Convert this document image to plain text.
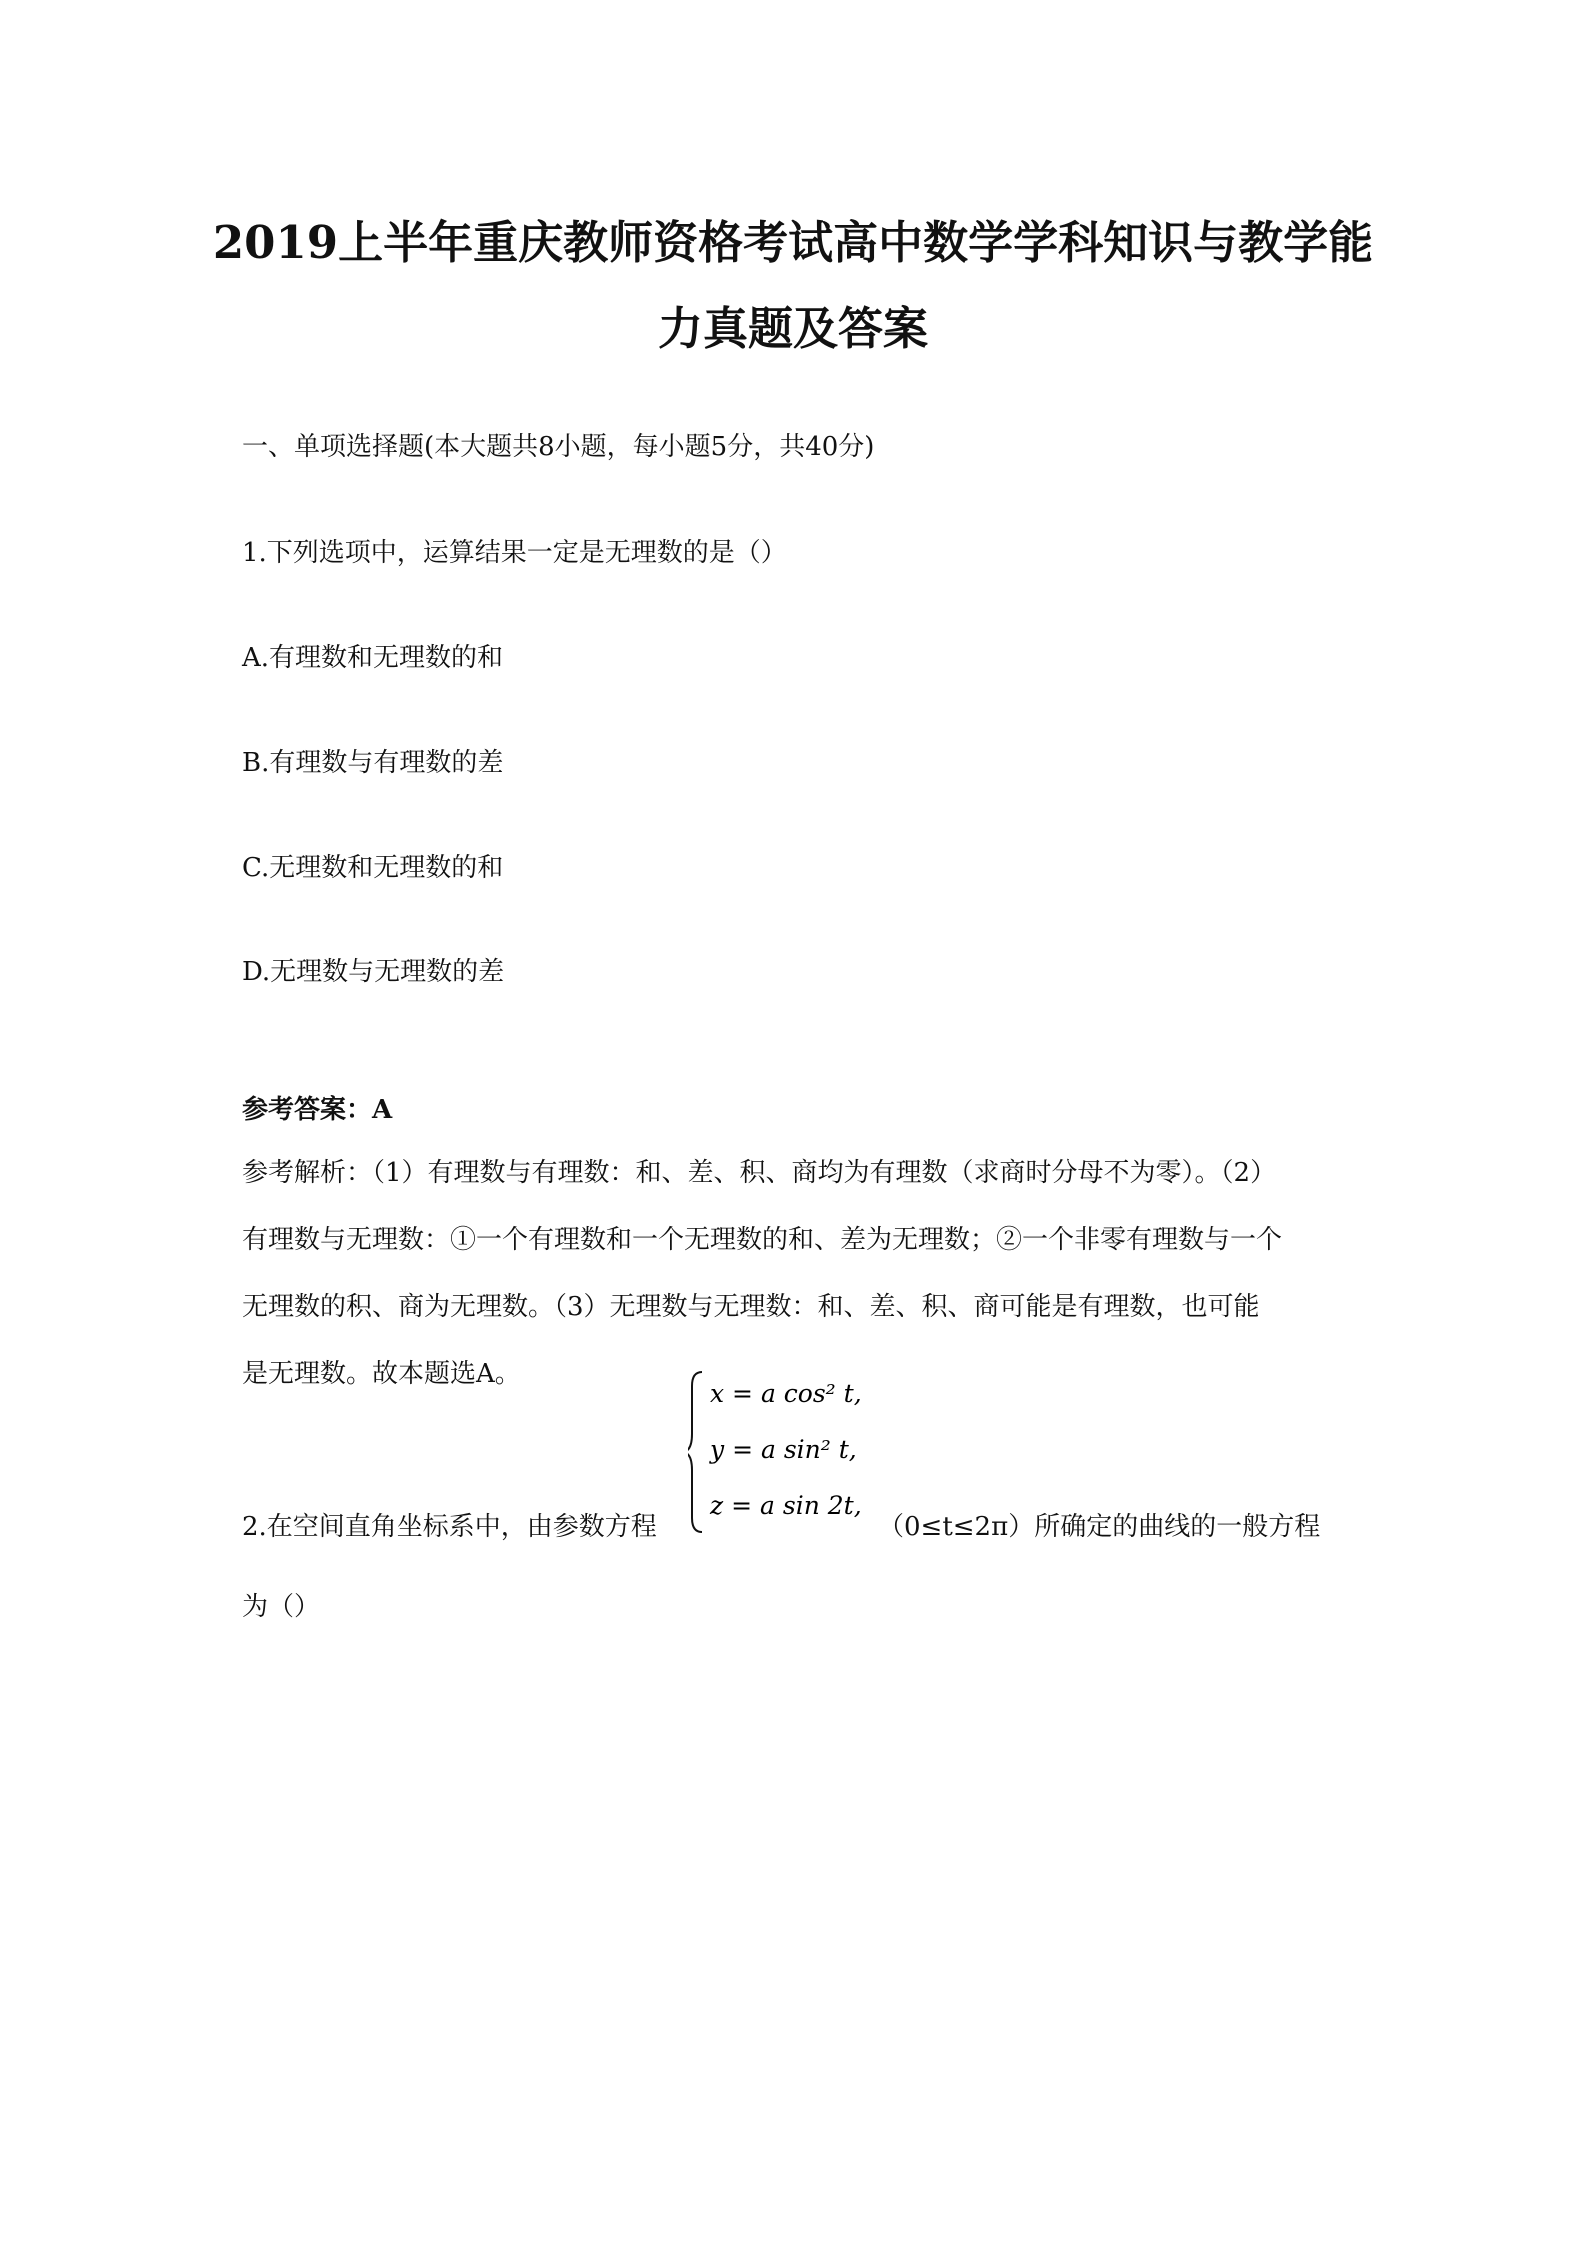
2019上半年重庆教师资格考试高中数学学科知识与教学能
力真题及答案

一、单项选择题(本大题共8小题，每小题5分，共40分)

1.下列选项中，运算结果一定是无理数的是（）

A.有理数和无理数的和

B.有理数与有理数的差

C.无理数和无理数的和

D.无理数与无理数的差

参考答案：A

参考解析：（1）有理数与有理数：和、差、积、商均为有理数（求商时分母不为零）。（2）
有理数与无理数：①一个有理数和一个无理数的和、差为无理数；②一个非零有理数与一个
无理数的积、商为无理数。（3）无理数与无理数：和、差、积、商可能是有理数，也可能
是无理数。故本题选A。
x = a cos² t,
y = a sin² t,
z = a sin 2t,

2.在空间直角坐标系中，由参数方程	（0≤t≤2π）所确定的曲线的一般方程

为（）
